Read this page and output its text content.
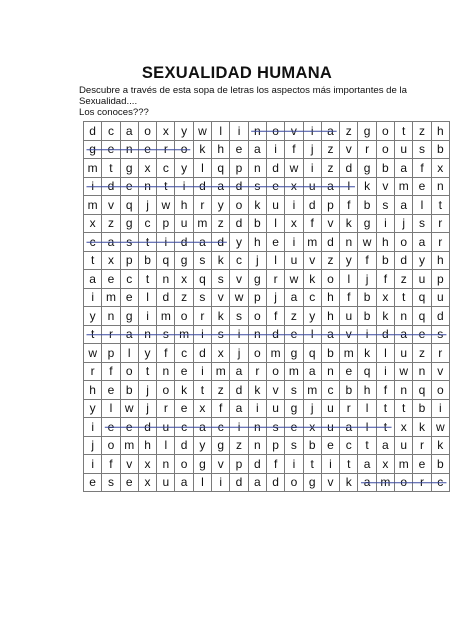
SEXUALIDAD HUMANA
Descubre a través de esta sopa de letras los aspectos más importantes de la
Sexualidad....
Los conoces???
d	c	a	o	x	y	w	l	i	n	o	v	i	a	z	g	o	t	z	h
g	e	n	e	r	o	k	h	e	a	i	f	j	z	v	r	o	u	s	b
m	t	g	x	c	y	l	q	p	n	d	w	i	z	d	g	b	a	f	x
i	d	e	n	t	i	d	a	d	s	e	x	u	a	l	k	v	m	e	n
m	v	q	j	w	h	r	y	o	k	u	i	d	p	f	b	s	a	l	t
x	z	g	c	p	u	m	z	d	b	l	x	f	v	k	g	i	j	s	r
c	a	s	t	i	d	a	d	y	h	e	i	m	d	n	w	h	o	a	r
t	x	p	b	q	g	s	k	c	j	l	u	v	z	y	f	b	d	y	h
a	e	c	t	n	x	q	s	v	g	r	w	k	o	l	j	f	z	u	p
i	m	e	l	d	z	s	v	w	p	j	a	c	h	f	b	x	t	q	u
y	n	g	i	m	o	r	k	s	o	f	z	y	h	u	b	k	n	q	d
t	r	a	n	s	m	i	s	i	n	d	e	l	a	v	i	d	a	e	s
w	p	l	y	f	c	d	x	j	o	m	g	q	b	m	k	l	u	z	r
r	f	o	t	n	e	i	m	a	r	o	m	a	n	e	q	i	w	n	v
h	e	b	j	o	k	t	z	d	k	v	s	m	c	b	h	f	n	q	o
y	l	w	j	r	e	x	f	a	i	u	g	j	u	r	l	t	t	b	i
i	e	e	d	u	c	a	c	i	n	s	e	x	u	a	l	t	x	k	w
j	o	m	h	l	d	y	g	z	n	p	s	b	e	c	t	a	u	r	k
i	f	v	x	n	o	g	v	p	d	f	i	t	i	t	a	x	m	e	b
e	s	e	x	u	a	l	i	d	a	d	o	g	v	k	a	m	o	r	c
